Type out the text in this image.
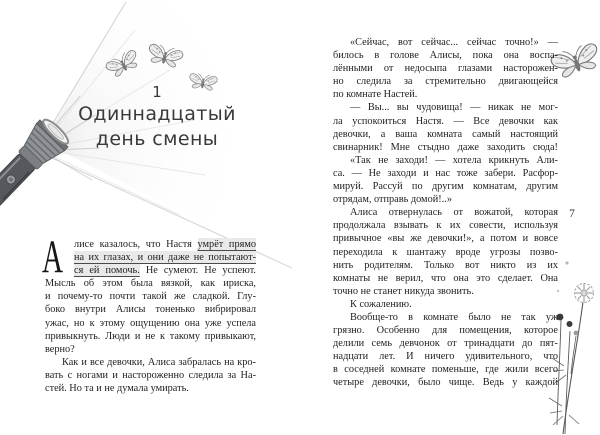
1
Одиннадцатый
день смены
А	лисе казалось, что Настя умрёт прямо
на их глазах, и они даже не попытают-
ся ей помочь. Не сумеют. Не успеют.
Мысль об этом была вязкой, как ириска,
и почему-то почти такой же сладкой. Глу-
боко внутри Алисы тоненько вибрировал
ужас, но к этому ощущению она уже успела
привыкнуть. Люди и не к такому привыкают,
верно?
Как и все девочки, Алиса забралась на кро-
вать с ногами и настороженно следила за На-
стей. Но та и не думала умирать.
«Сейчас, вот сейчас... сейчас точно!» —
билось в голове Алисы, пока она воспа-
лёнными от недосыпа глазами насторожен-
но следила за стремительно двигающейся
по комнате Настей.
— Вы... вы чудовища! — никак не мог-
ла успокоиться Настя. — Все девочки как
девочки, а ваша комната самый настоящий
свинарник! Мне стыдно даже заходить сюда!
«Так не заходи! — хотела крикнуть Али-
са. — Не заходи и нас тоже забери. Расфор-
мируй. Рассуй по другим комнатам, другим
отрядам, отправь домой!..»
Алиса отвернулась от вожатой, которая
продолжала взывать к их совести, используя
привычное «вы же девочки!», а потом и вовсе
переходила к шантажу вроде угрозы позво-
нить родителям. Только вот никто из их
комнаты не верил, что она это сделает. Она
точно не станет никуда звонить.
К сожалению.
Вообще-то в комнате было не так уж
грязно. Особенно для помещения, которое
делили семь девчонок от тринадцати до пят-
надцати лет. И ничего удивительного, что
в соседней комнате поменьше, где жили всего
четыре девочки, было чище. Ведь у каждой
7
